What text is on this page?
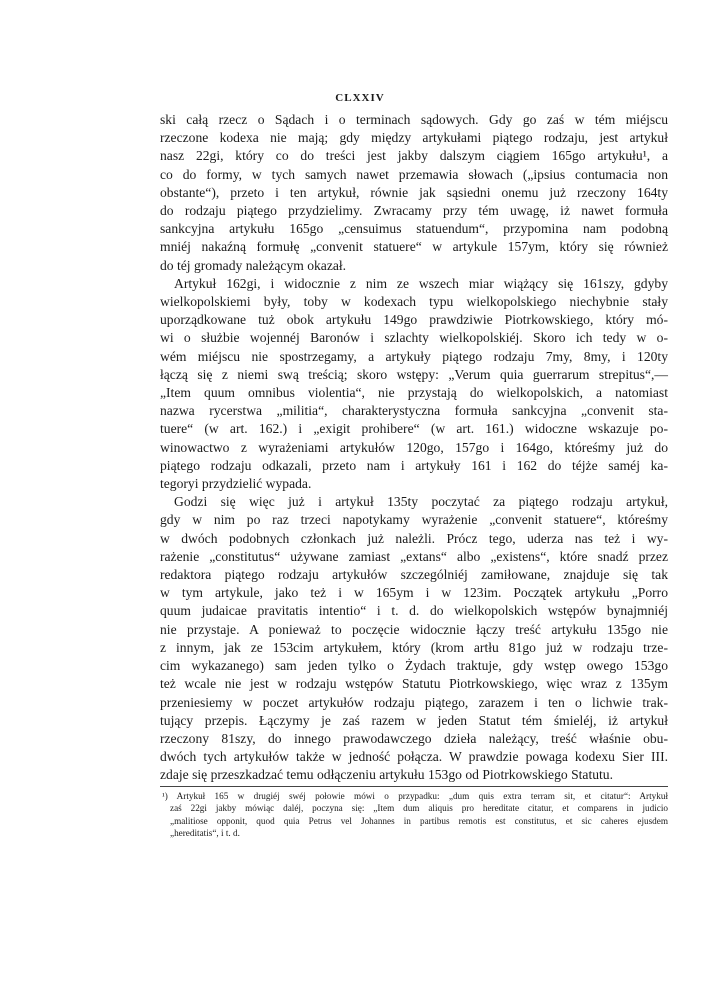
CLXXIV
ski całą rzecz o Sądach i o terminach sądowych. Gdy go zaś w tém miéjscu
rzeczone kodexa nie mają; gdy między artykułami piątego rodzaju, jest artykuł
nasz 22gi, który co do treści jest jakby dalszym ciągiem 165go artykułu¹, a
co do formy, w tych samych nawet przemawia słowach („ipsius contumacia non
obstante“), przeto i ten artykuł, równie jak sąsiedni onemu już rzeczony 164ty
do rodzaju piątego przydzielimy. Zwracamy przy tém uwagę, iż nawet formuła
sankcyjna artykułu 165go „censuimus statuendum“, przypomina nam podobną
mniéj nakaźną formułę „convenit statuere“ w artykule 157ym, który się również
do téj gromady należącym okazał.
Artykuł 162gi, i widocznie z nim ze wszech miar wiążący się 161szy, gdyby
wielkopolskiemi były, toby w kodexach typu wielkopolskiego niechybnie stały
uporządkowane tuż obok artykułu 149go prawdziwie Piotrkowskiego, który mó-
wi o służbie wojennéj Baronów i szlachty wielkopolskiéj. Skoro ich tedy w o-
wém miéjscu nie spostrzegamy, a artykuły piątego rodzaju 7my, 8my, i 120ty
łączą się z niemi swą treścią; skoro wstępy: „Verum quia guerrarum strepitus“,—
„Item quum omnibus violentia“, nie przystają do wielkopolskich, a natomiast
nazwa rycerstwa „militia“, charakterystyczna formuła sankcyjna „convenit sta-
tuere“ (w art. 162.) i „exigit prohibere“ (w art. 161.) widoczne wskazuje po-
winowactwo z wyrażeniami artykułów 120go, 157go i 164go, któreśmy już do
piątego rodzaju odkazali, przeto nam i artykuły 161 i 162 do téjże saméj ka-
tegoryi przydzielić wypada.
Godzi się więc już i artykuł 135ty poczytać za piątego rodzaju artykuł,
gdy w nim po raz trzeci napotykamy wyrażenie „convenit statuere“, któreśmy
w dwóch podobnych członkach już należli. Prócz tego, uderza nas też i wy-
rażenie „constitutus“ używane zamiast „extans“ albo „existens“, które snadź przez
redaktora piątego rodzaju artykułów szczególniéj zamiłowane, znajduje się tak
w tym artykule, jako też i w 165ym i w 123im. Początek artykułu „Porro
quum judaicae pravitatis intentio“ i t. d. do wielkopolskich wstępów bynajmniéj
nie przystaje. A ponieważ to poczęcie widocznie łączy treść artykułu 135go nie
z innym, jak ze 153cim artykułem, który (krom artłu 81go już w rodzaju trze-
cim wykazanego) sam jeden tylko o Żydach traktuje, gdy wstęp owego 153go
też wcale nie jest w rodzaju wstępów Statutu Piotrkowskiego, więc wraz z 135ym
przeniesiemy w poczet artykułów rodzaju piątego, zarazem i ten o lichwie trak-
tujący przepis. Łączymy je zaś razem w jeden Statut tém śmieléj, iż artykuł
rzeczony 81szy, do innego prawodawczego dzieła należący, treść właśnie obu-
dwóch tych artykułów także w jedność połącza. W prawdzie powaga kodexu Sier III.
zdaje się przeszkadzać temu odłączeniu artykułu 153go od Piotrkowskiego Statutu.
¹) Artykuł 165 w drugiéj swéj połowie mówi o przypadku: „dum quis extra terram sit, et citatur“: Artykuł
zaś 22gi jakby mówiąc daléj, poczyna się: „Item dum aliquis pro hereditate citatur, et comparens in judicio
„malitiose opponit, quod quia Petrus vel Johannes in partibus remotis est constitutus, et sic caheres ejusdem
„hereditatis“, i t. d.
